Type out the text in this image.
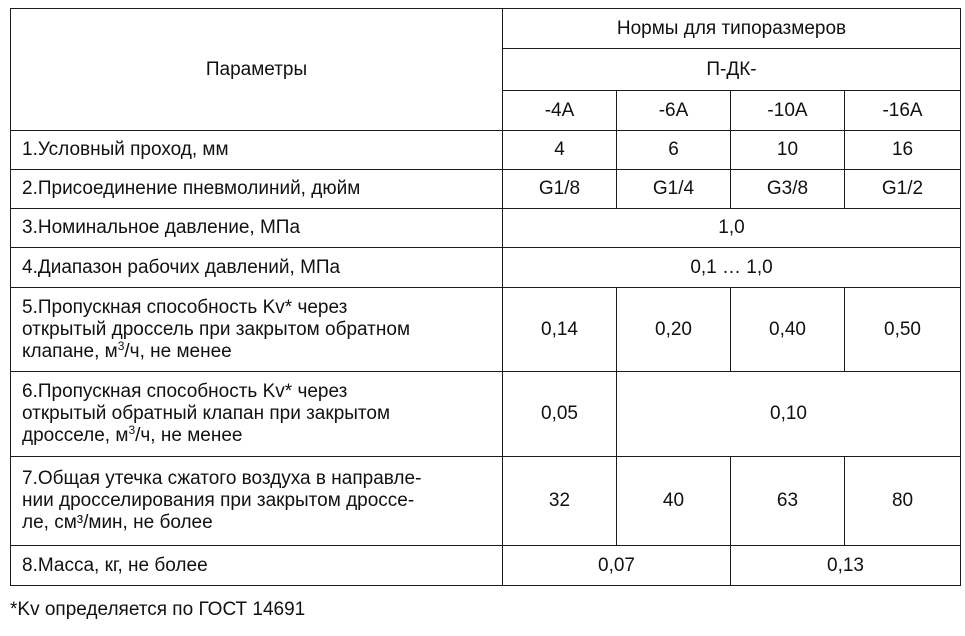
Параметры	Нормы для типоразмеров			
	П-ДК-			
	-4А	-6А	-10А	-16А
1.Условный проход, мм	4	6	10	16
2.Присоединение пневмолиний, дюйм	G1/8	G1/4	G3/8	G1/2
3.Номинальное давление, МПа	1,0			
4.Диапазон рабочих давлений, МПа	0,1 … 1,0			

5.Пропускная способность Kv* через
открытый дроссель при закрытом обратном
клапане, $м^3/ч$, не менее	0,14	0,20	0,40	0,50

6.Пропускная способность Kv* через
открытый обратный клапан при закрытом
дросселе, $м^3/ч$, не менее	0,05	0,10		

7.Общая утечка сжатого воздуха в направле-
нии дросселирования при закрытом дроссе-
ле, см³/мин, не более	32	40	63	80
8.Масса, кг, не более	0,07		0,13	
*Kv определяется по ГОСТ 14691
